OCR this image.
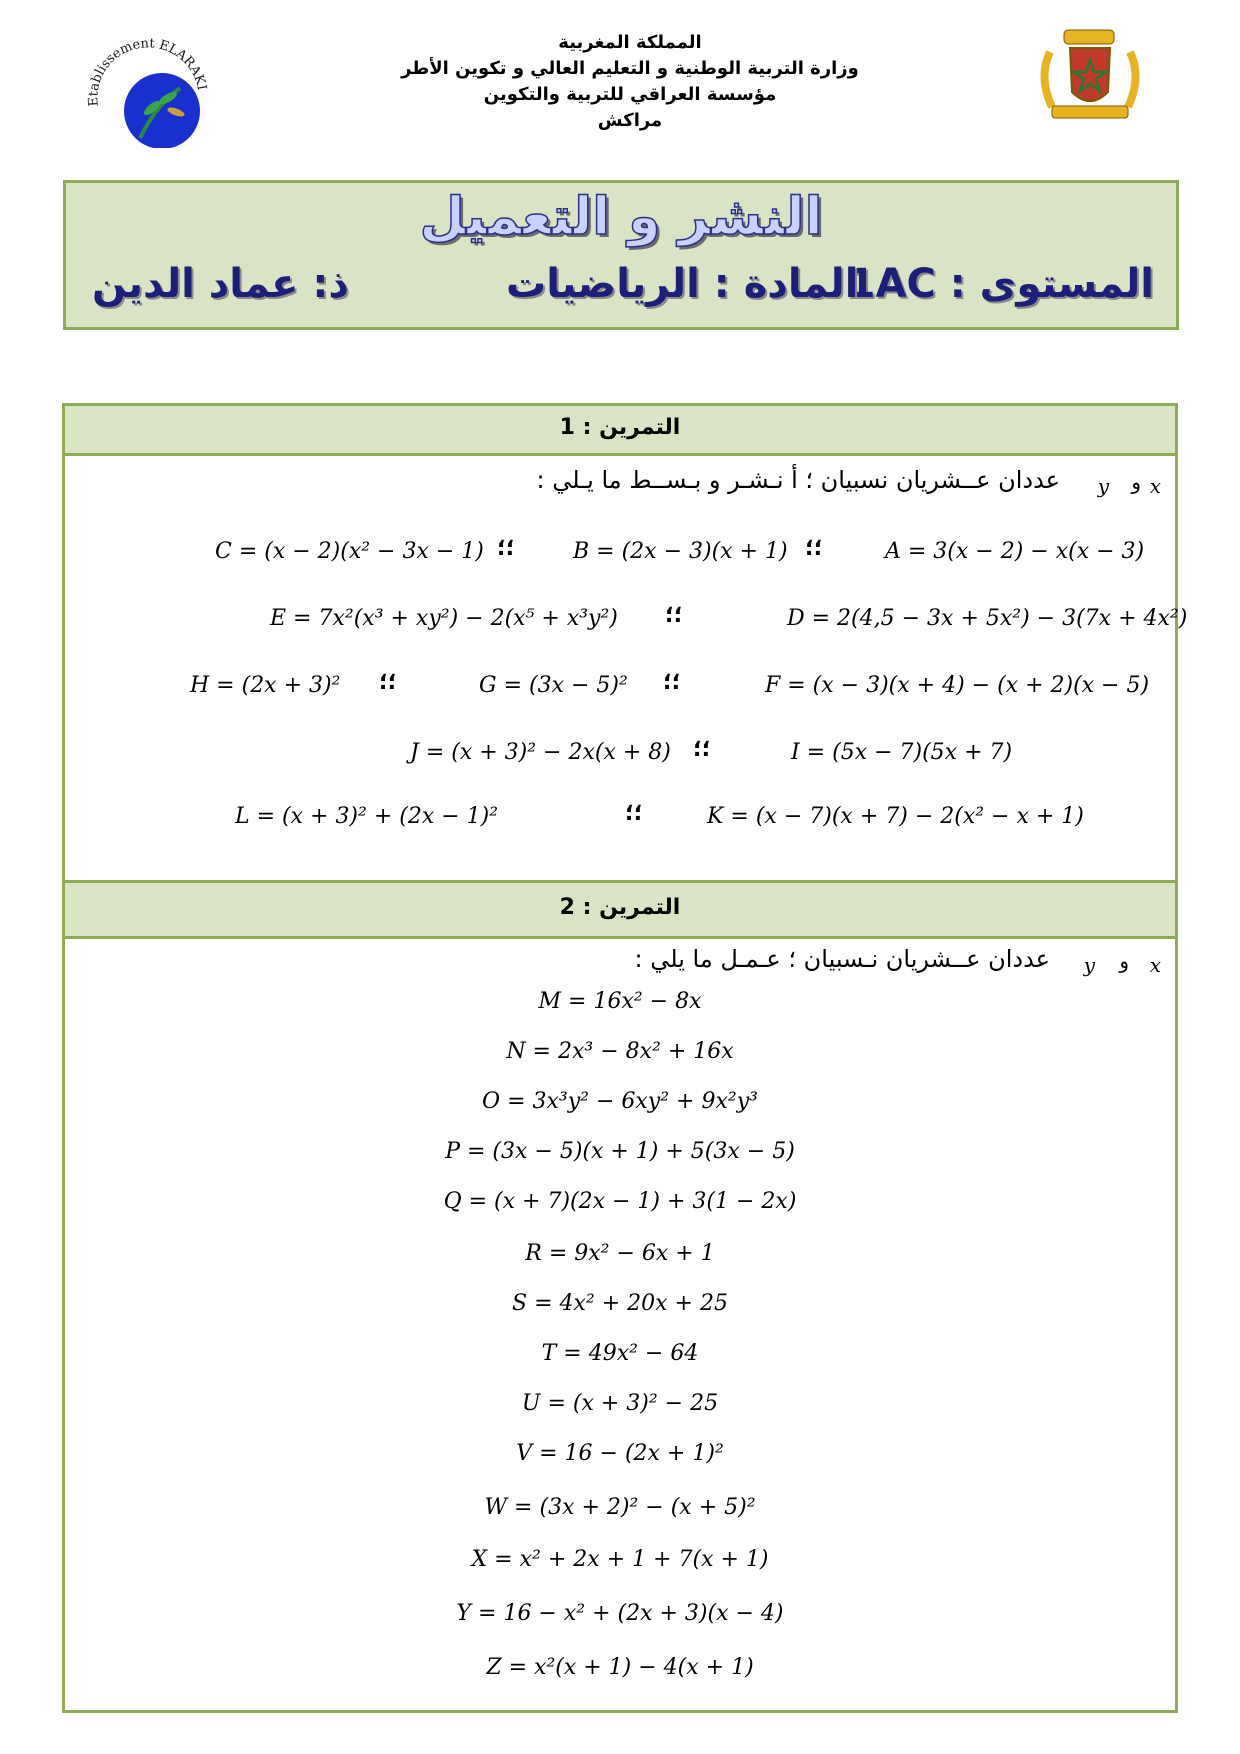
المملكة المغربية
وزارة التربية الوطنية و التعليم العالي و تكوين الأطر
مؤسسة العراقي للتربية والتكوين
مراكش
Etablissement ELARAKI
النشر و التعميل
المستوى : 1AC
المادة : الرياضيات
ذ: عماد الدين
التمرين : 1
x
و
y
عددان عــشريان نسبيان ؛ أ نـشـر و بـســط ما يـلي :
A = 3(x − 2) − x(x − 3)
؛؛
B = (2x − 3)(x + 1)
؛؛
C = (x − 2)(x² − 3x − 1)
D = 2(4,5 − 3x + 5x²) − 3(7x + 4x²)
؛؛
E = 7x²(x³ + xy²) − 2(x⁵ + x³y²)
F = (x − 3)(x + 4) − (x + 2)(x − 5)
؛؛
G = (3x − 5)²
؛؛
H = (2x + 3)²
I = (5x − 7)(5x + 7)
؛؛
J = (x + 3)² − 2x(x + 8)
K = (x − 7)(x + 7) − 2(x² − x + 1)
؛؛
L = (x + 3)² + (2x − 1)²
التمرين : 2
x
و
y
عددان عــشريان نـسبيان ؛ عـمـل ما يلي :
M = 16x² − 8x
N = 2x³ − 8x² + 16x
O = 3x³y² − 6xy² + 9x²y³
P = (3x − 5)(x + 1) + 5(3x − 5)
Q = (x + 7)(2x − 1) + 3(1 − 2x)
R = 9x² − 6x + 1
S = 4x² + 20x + 25
T = 49x² − 64
U = (x + 3)² − 25
V = 16 − (2x + 1)²
W = (3x + 2)² − (x + 5)²
X = x² + 2x + 1 + 7(x + 1)
Y = 16 − x² + (2x + 3)(x − 4)
Z = x²(x + 1) − 4(x + 1)
